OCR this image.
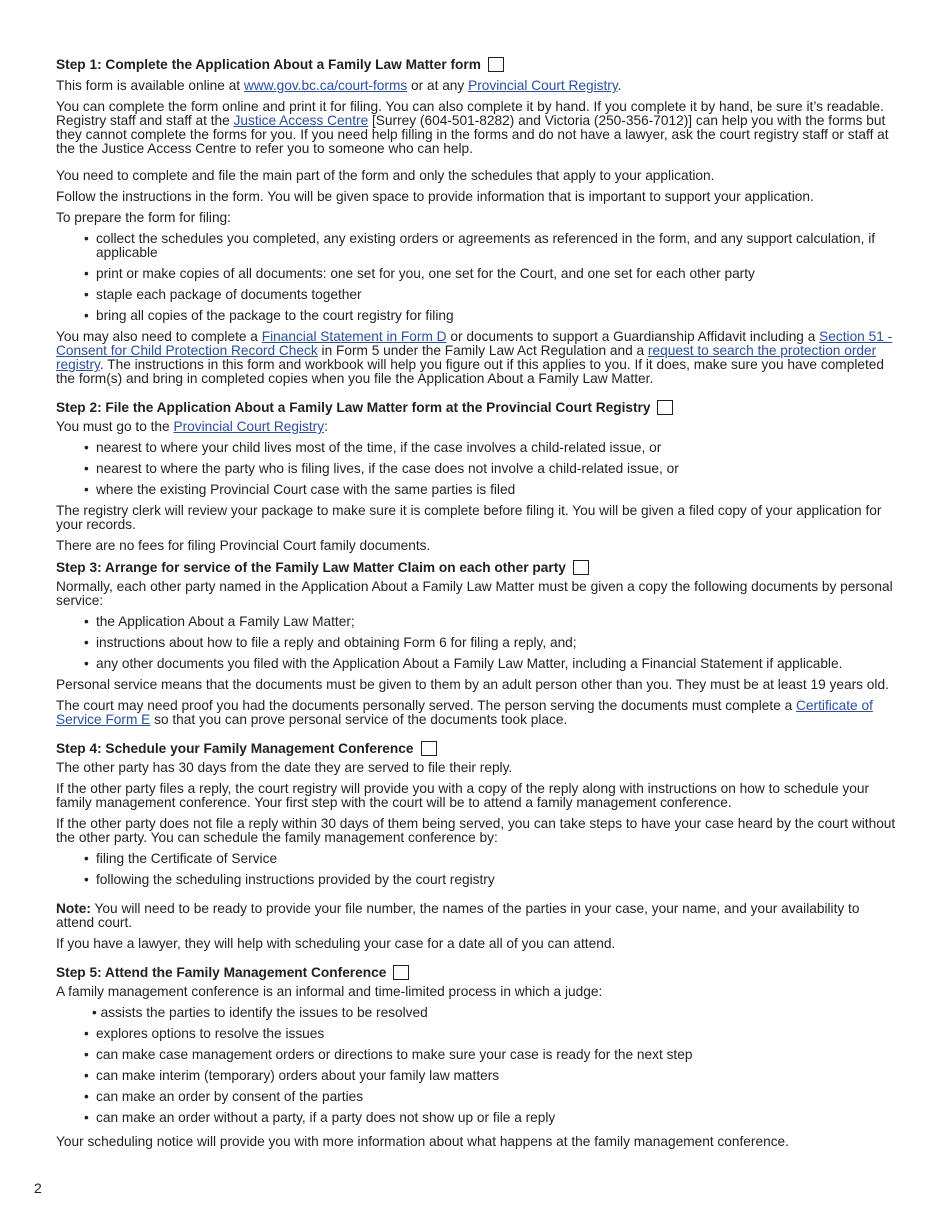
Step 1: Complete the Application About a Family Law Matter form

This form is available online at www.gov.bc.ca/court-forms or at any Provincial Court Registry.

You can complete the form online and print it for filing. You can also complete it by hand. If you complete it by hand, be sure it’s readable. Registry staff and staff at the Justice Access Centre [Surrey (604-501-8282) and Victoria (250-356-7012)] can help you with the forms but they cannot complete the forms for you. If you need help filling in the forms and do not have a lawyer, ask the court registry staff or staff at the the Justice Access Centre to refer you to someone who can help.

You need to complete and file the main part of the form and only the schedules that apply to your application.

Follow the instructions in the form. You will be given space to provide information that is important to support your application.

To prepare the form for filing:

• collect the schedules you completed, any existing orders or agreements as referenced in the form, and any support calculation, if applicable
• print or make copies of all documents: one set for you, one set for the Court, and one set for each other party
• staple each package of documents together
• bring all copies of the package to the court registry for filing

You may also need to complete a Financial Statement in Form D or documents to support a Guardianship Affidavit including a Section 51 - Consent for Child Protection Record Check in Form 5 under the Family Law Act Regulation and a request to search the protection order registry. The instructions in this form and workbook will help you figure out if this applies to you. If it does, make sure you have completed the form(s) and bring in completed copies when you file the Application About a Family Law Matter.

Step 2: File the Application About a Family Law Matter form at the Provincial Court Registry

You must go to the Provincial Court Registry:

• nearest to where your child lives most of the time, if the case involves a child-related issue, or
• nearest to where the party who is filing lives, if the case does not involve a child-related issue, or
• where the existing Provincial Court case with the same parties is filed

The registry clerk will review your package to make sure it is complete before filing it. You will be given a filed copy of your application for your records.

There are no fees for filing Provincial Court family documents.

Step 3: Arrange for service of the Family Law Matter Claim on each other party

Normally, each other party named in the Application About a Family Law Matter must be given a copy the following documents by personal service:

• the Application About a Family Law Matter;
• instructions about how to file a reply and obtaining Form 6 for filing a reply, and;
• any other documents you filed with the Application About a Family Law Matter, including a Financial Statement if applicable.

Personal service means that the documents must be given to them by an adult person other than you. They must be at least 19 years old.

The court may need proof you had the documents personally served. The person serving the documents must complete a Certificate of Service Form E so that you can prove personal service of the documents took place.

Step 4: Schedule your Family Management Conference

The other party has 30 days from the date they are served to file their reply.

If the other party files a reply, the court registry will provide you with a copy of the reply along with instructions on how to schedule your family management conference. Your first step with the court will be to attend a family management conference.

If the other party does not file a reply within 30 days of them being served, you can take steps to have your case heard by the court without the other party. You can schedule the family management conference by:

• filing the Certificate of Service
• following the scheduling instructions provided by the court registry

Note: You will need to be ready to provide your file number, the names of the parties in your case, your name, and your availability to attend court.

If you have a lawyer, they will help with scheduling your case for a date all of you can attend.

Step 5: Attend the Family Management Conference

A family management conference is an informal and time-limited process in which a judge:

• assists the parties to identify the issues to be resolved
• explores options to resolve the issues
• can make case management orders or directions to make sure your case is ready for the next step
• can make interim (temporary) orders about your family law matters
• can make an order by consent of the parties
• can make an order without a party, if a party does not show up or file a reply

Your scheduling notice will provide you with more information about what happens at the family management conference.

2
